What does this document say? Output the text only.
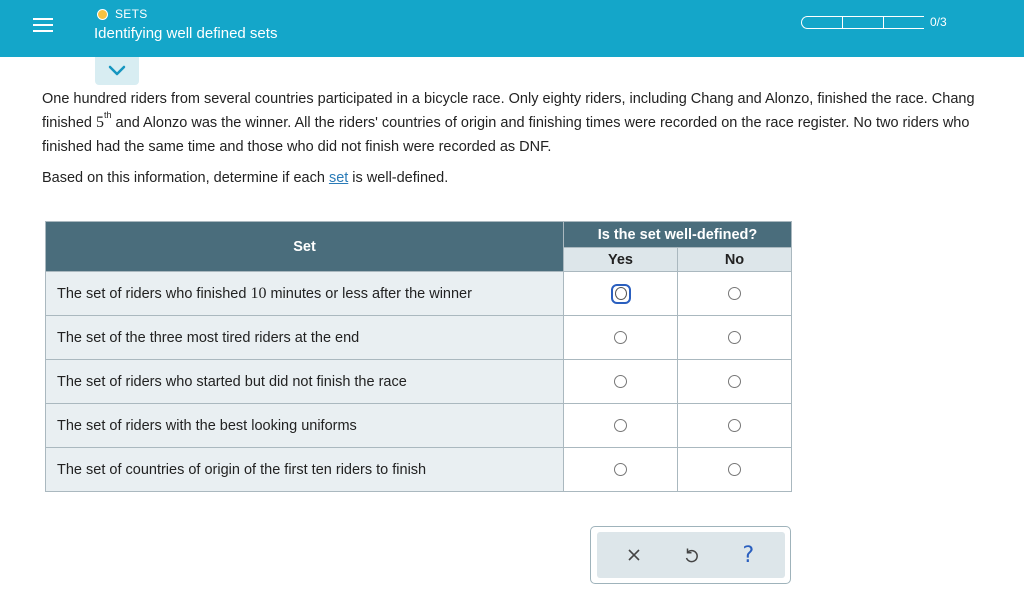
SETS
Identifying well defined sets
0/3
One hundred riders from several countries participated in a bicycle race. Only eighty riders, including Chang and Alonzo, finished the race. Chang finished 5th and Alonzo was the winner. All the riders' countries of origin and finishing times were recorded on the race register. No two riders who finished had the same time and those who did not finish were recorded as DNF.
Based on this information, determine if each set is well-defined.
Set	Is the set well-defined?	
	Yes	No
The set of riders who finished 10 minutes or less after the winner	

The set of the three most tired riders at the end		
The set of riders who started but did not finish the race		
The set of riders with the best looking uniforms		
The set of countries of origin of the first ten riders to finish		
?
